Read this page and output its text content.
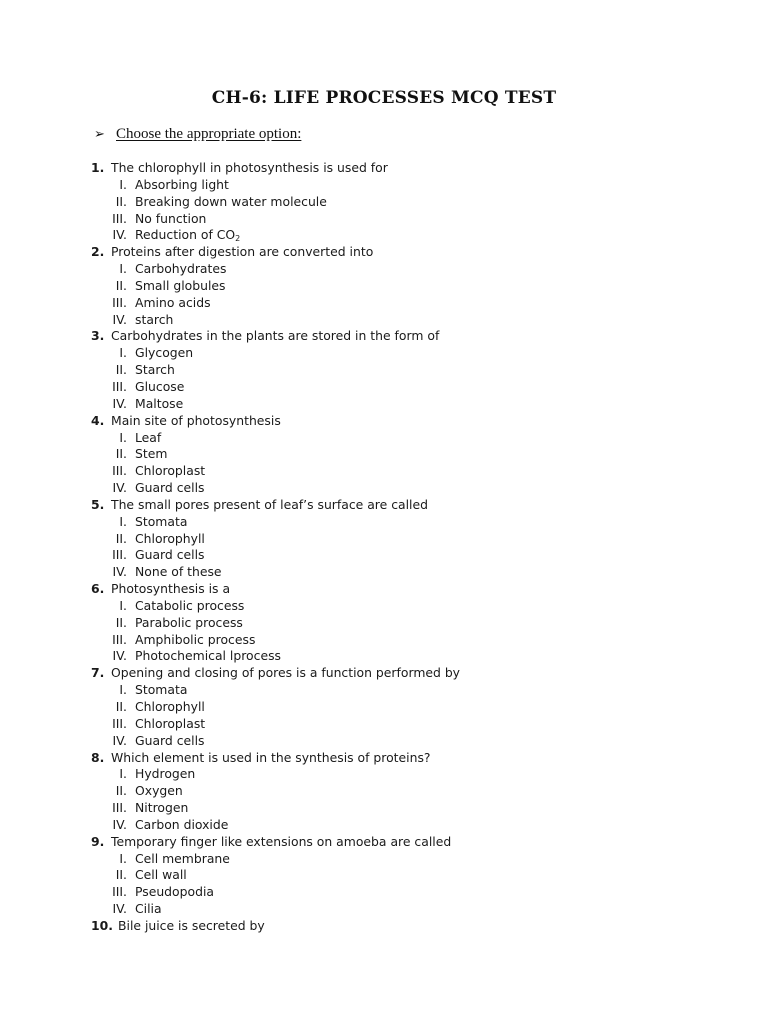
CH-6: LIFE PROCESSES MCQ TEST
➢ Choose the appropriate option:
1. The chlorophyll in photosynthesis is used for
I. Absorbing light
II. Breaking down water molecule
III. No function
IV. Reduction of $CO_2$
2. Proteins after digestion are converted into
I. Carbohydrates
II. Small globules
III. Amino acids
IV. starch
3. Carbohydrates in the plants are stored in the form of
I. Glycogen
II. Starch
III. Glucose
IV. Maltose
4. Main site of photosynthesis
I. Leaf
II. Stem
III. Chloroplast
IV. Guard cells
5. The small pores present of leaf’s surface are called
I. Stomata
II. Chlorophyll
III. Guard cells
IV. None of these
6. Photosynthesis is a
I. Catabolic process
II. Parabolic process
III. Amphibolic process
IV. Photochemical lprocess
7. Opening and closing of pores is a function performed by
I. Stomata
II. Chlorophyll
III. Chloroplast
IV. Guard cells
8. Which element is used in the synthesis of proteins?
I. Hydrogen
II. Oxygen
III. Nitrogen
IV. Carbon dioxide
9. Temporary finger like extensions on amoeba are called
I. Cell membrane
II. Cell wall
III. Pseudopodia
IV. Cilia
10. Bile juice is secreted by
